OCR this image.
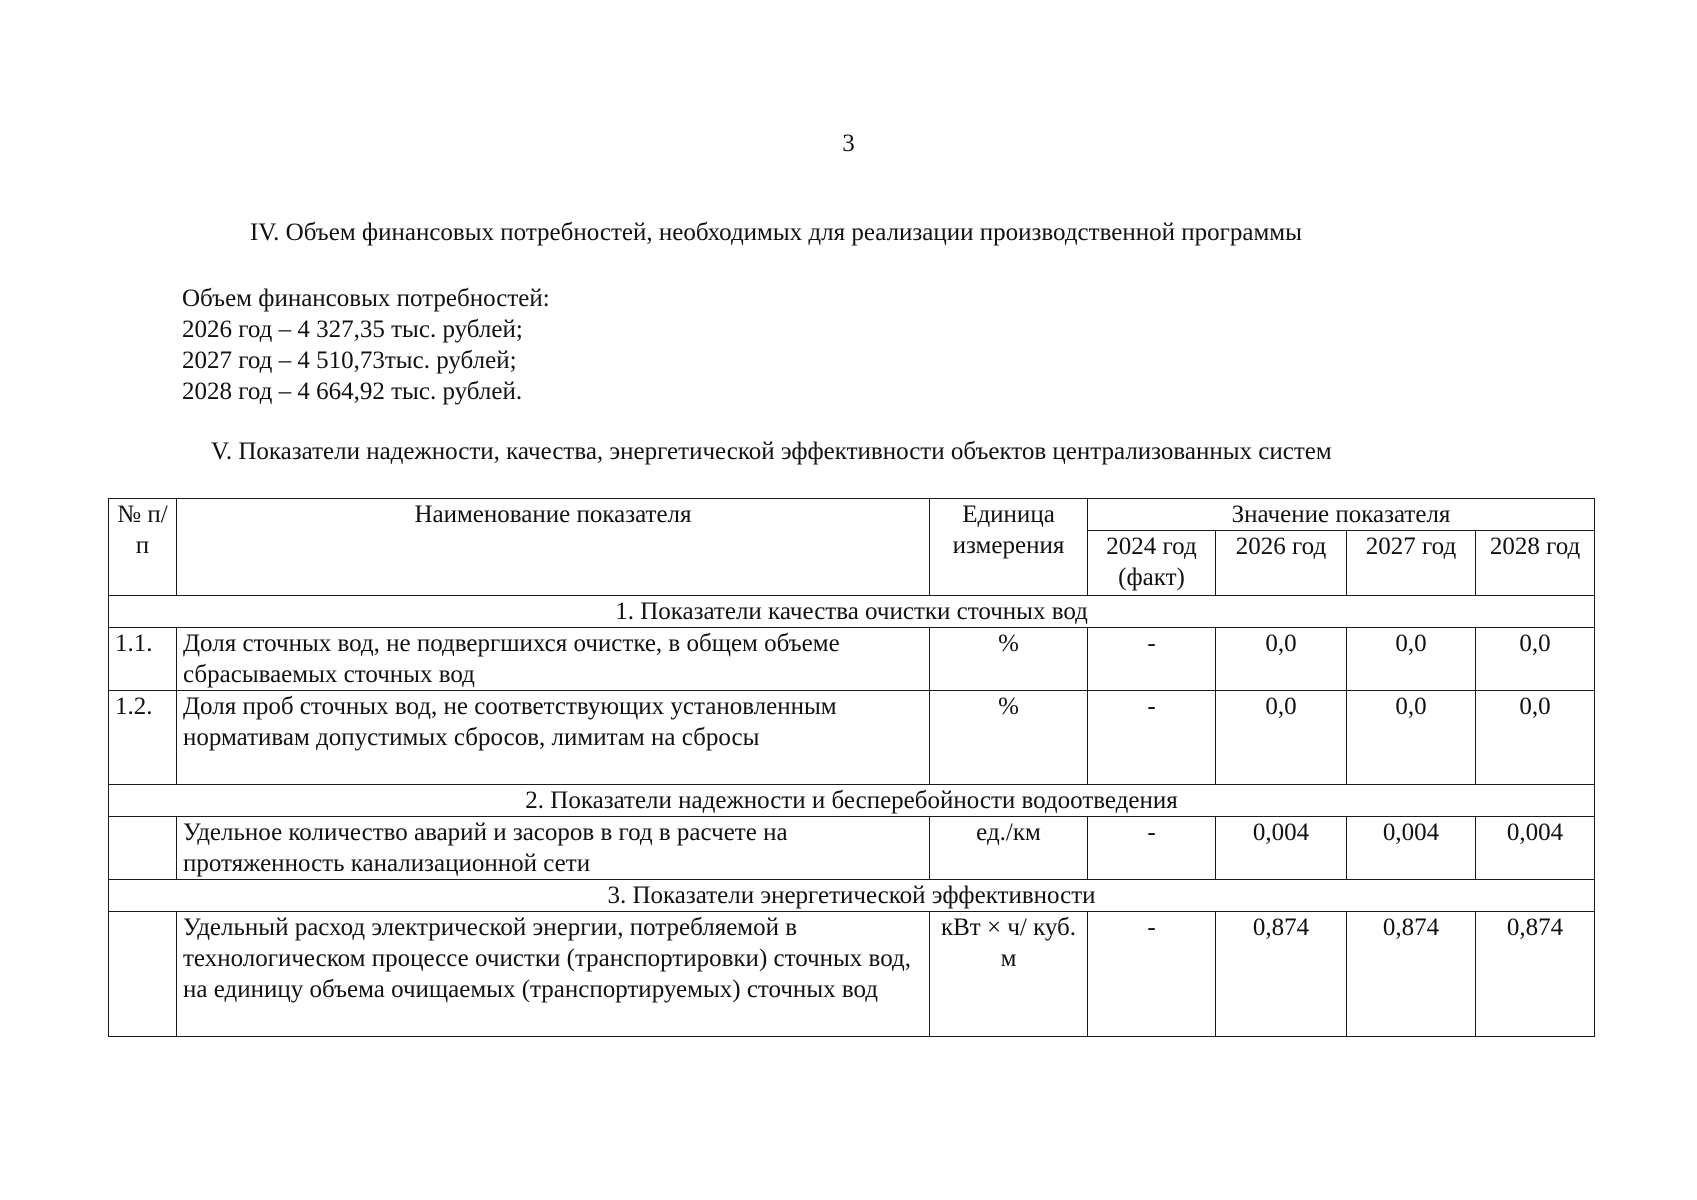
3
IV. Объем финансовых потребностей, необходимых для реализации производственной программы
Объем финансовых потребностей:
2026 год – 4 327,35 тыс. рублей;
2027 год – 4 510,73тыс. рублей;
2028 год – 4 664,92 тыс. рублей.
V. Показатели надежности, качества, энергетической эффективности объектов централизованных систем
№ п/п	Наименование показателя	Единица измерения	Значение показателя			
			2024 год (факт)	2026 год	2027 год	2028 год
1. Показатели качества очистки сточных вод						
1.1.	Доля сточных вод, не подвергшихся очистке, в общем объеме сбрасываемых сточных вод	%	-	0,0	0,0	0,0
1.2.	Доля проб сточных вод, не соответствующих установленным нормативам допустимых сбросов, лимитам на сбросы	%	-	0,0	0,0	0,0
2. Показатели надежности и бесперебойности водоотведения						
	Удельное количество аварий и засоров в год в расчете на протяженность канализационной сети	ед./км	-	0,004	0,004	0,004
3. Показатели энергетической эффективности						
	Удельный расход электрической энергии, потребляемой в технологическом процессе очистки (транспортировки) сточных вод, на единицу объема очищаемых (транспортируемых) сточных вод	кВт × ч/ куб. м	-	0,874	0,874	0,874
